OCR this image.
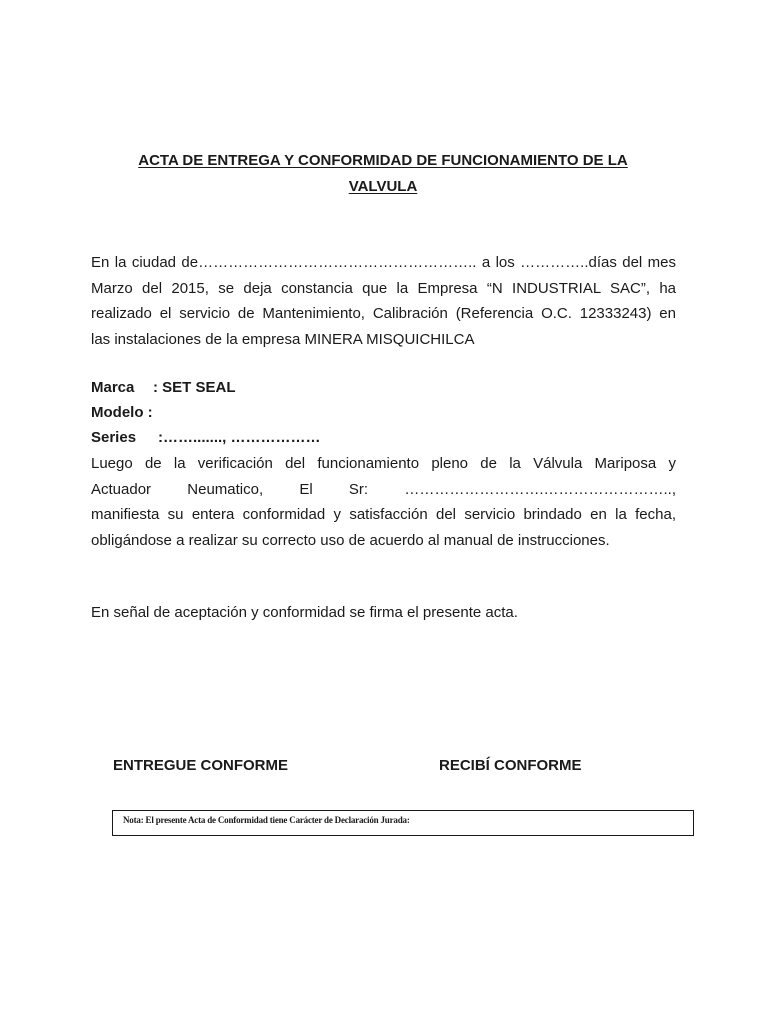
ACTA DE ENTREGA Y CONFORMIDAD DE FUNCIONAMIENTO DE LA

VALVULA

En la ciudad de……………………………………………….. a los …………..días del mes
Marzo del 2015, se deja constancia que la Empresa “N INDUSTRIAL SAC”, ha
realizado el servicio de Mantenimiento, Calibración (Referencia O.C. 12333243) en
las instalaciones de la empresa MINERA MISQUICHILCA

Marca : SET SEAL

Modelo :

Series :……......., ………………

Luego de la verificación del funcionamiento pleno de la Válvula Mariposa y
Actuador Neumatico, El Sr: ……………………….……………………..,
manifiesta su entera conformidad y satisfacción del servicio brindado en la fecha,
obligándose a realizar su correcto uso de acuerdo al manual de instrucciones.

En señal de aceptación y conformidad se firma el presente acta.

ENTREGUE CONFORME	RECIBÍ CONFORME

Nota: El presente Acta de Conformidad tiene Carácter de Declaración Jurada:
